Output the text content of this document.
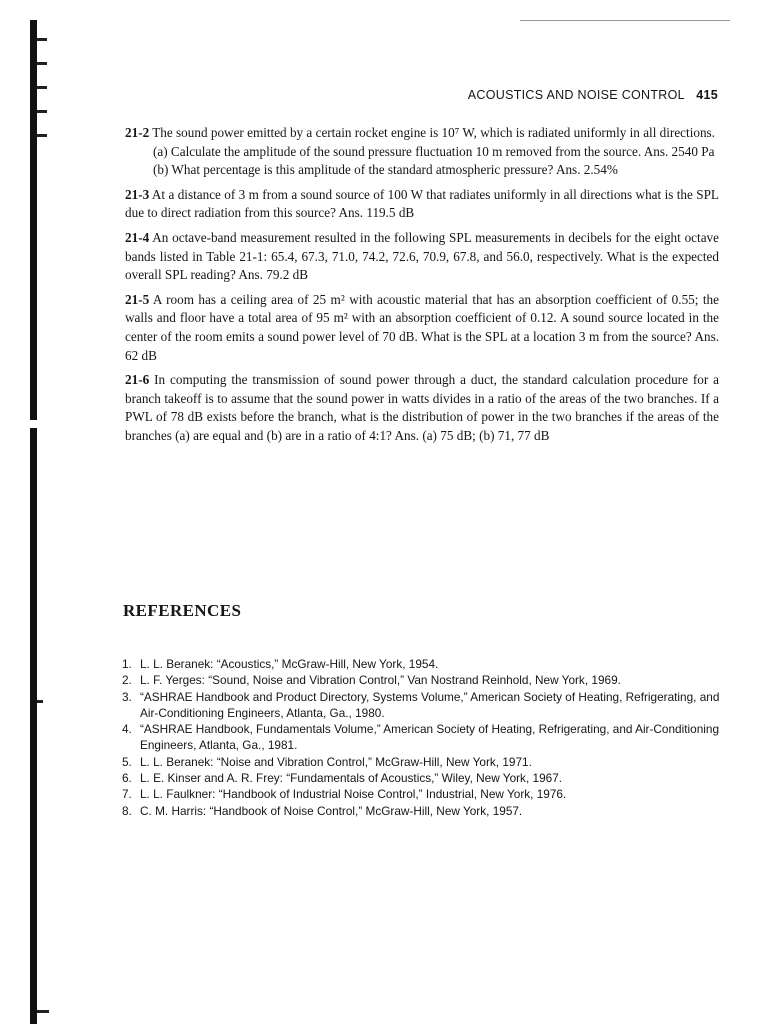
ACOUSTICS AND NOISE CONTROL 415

21-2 The sound power emitted by a certain rocket engine is 10⁷ W, which is radiated uniformly in all directions.

(a) Calculate the amplitude of the sound pressure fluctuation 10 m removed from the source. Ans. 2540 Pa

(b) What percentage is this amplitude of the standard atmospheric pressure? Ans. 2.54%

21-3 At a distance of 3 m from a sound source of 100 W that radiates uniformly in all directions what is the SPL due to direct radiation from this source? Ans. 119.5 dB

21-4 An octave-band measurement resulted in the following SPL measurements in decibels for the eight octave bands listed in Table 21-1: 65.4, 67.3, 71.0, 74.2, 72.6, 70.9, 67.8, and 56.0, respectively. What is the expected overall SPL reading? Ans. 79.2 dB

21-5 A room has a ceiling area of 25 m² with acoustic material that has an absorption coefficient of 0.55; the walls and floor have a total area of 95 m² with an absorption coefficient of 0.12. A sound source located in the center of the room emits a sound power level of 70 dB. What is the SPL at a location 3 m from the source? Ans. 62 dB

21-6 In computing the transmission of sound power through a duct, the standard calculation procedure for a branch takeoff is to assume that the sound power in watts divides in a ratio of the areas of the two branches. If a PWL of 78 dB exists before the branch, what is the distribution of power in the two branches if the areas of the branches (a) are equal and (b) are in a ratio of 4:1? Ans. (a) 75 dB; (b) 71, 77 dB

REFERENCES
1. L. L. Beranek: “Acoustics,” McGraw-Hill, New York, 1954.
2. L. F. Yerges: “Sound, Noise and Vibration Control,” Van Nostrand Reinhold, New York, 1969.
3. “ASHRAE Handbook and Product Directory, Systems Volume,” American Society of Heating, Refrigerating, and Air-Conditioning Engineers, Atlanta, Ga., 1980.
4. “ASHRAE Handbook, Fundamentals Volume,” American Society of Heating, Refrigerating, and Air-Conditioning Engineers, Atlanta, Ga., 1981.
5. L. L. Beranek: “Noise and Vibration Control,” McGraw-Hill, New York, 1971.
6. L. E. Kinser and A. R. Frey: “Fundamentals of Acoustics,” Wiley, New York, 1967.
7. L. L. Faulkner: “Handbook of Industrial Noise Control,” Industrial, New York, 1976.
8. C. M. Harris: “Handbook of Noise Control,” McGraw-Hill, New York, 1957.
